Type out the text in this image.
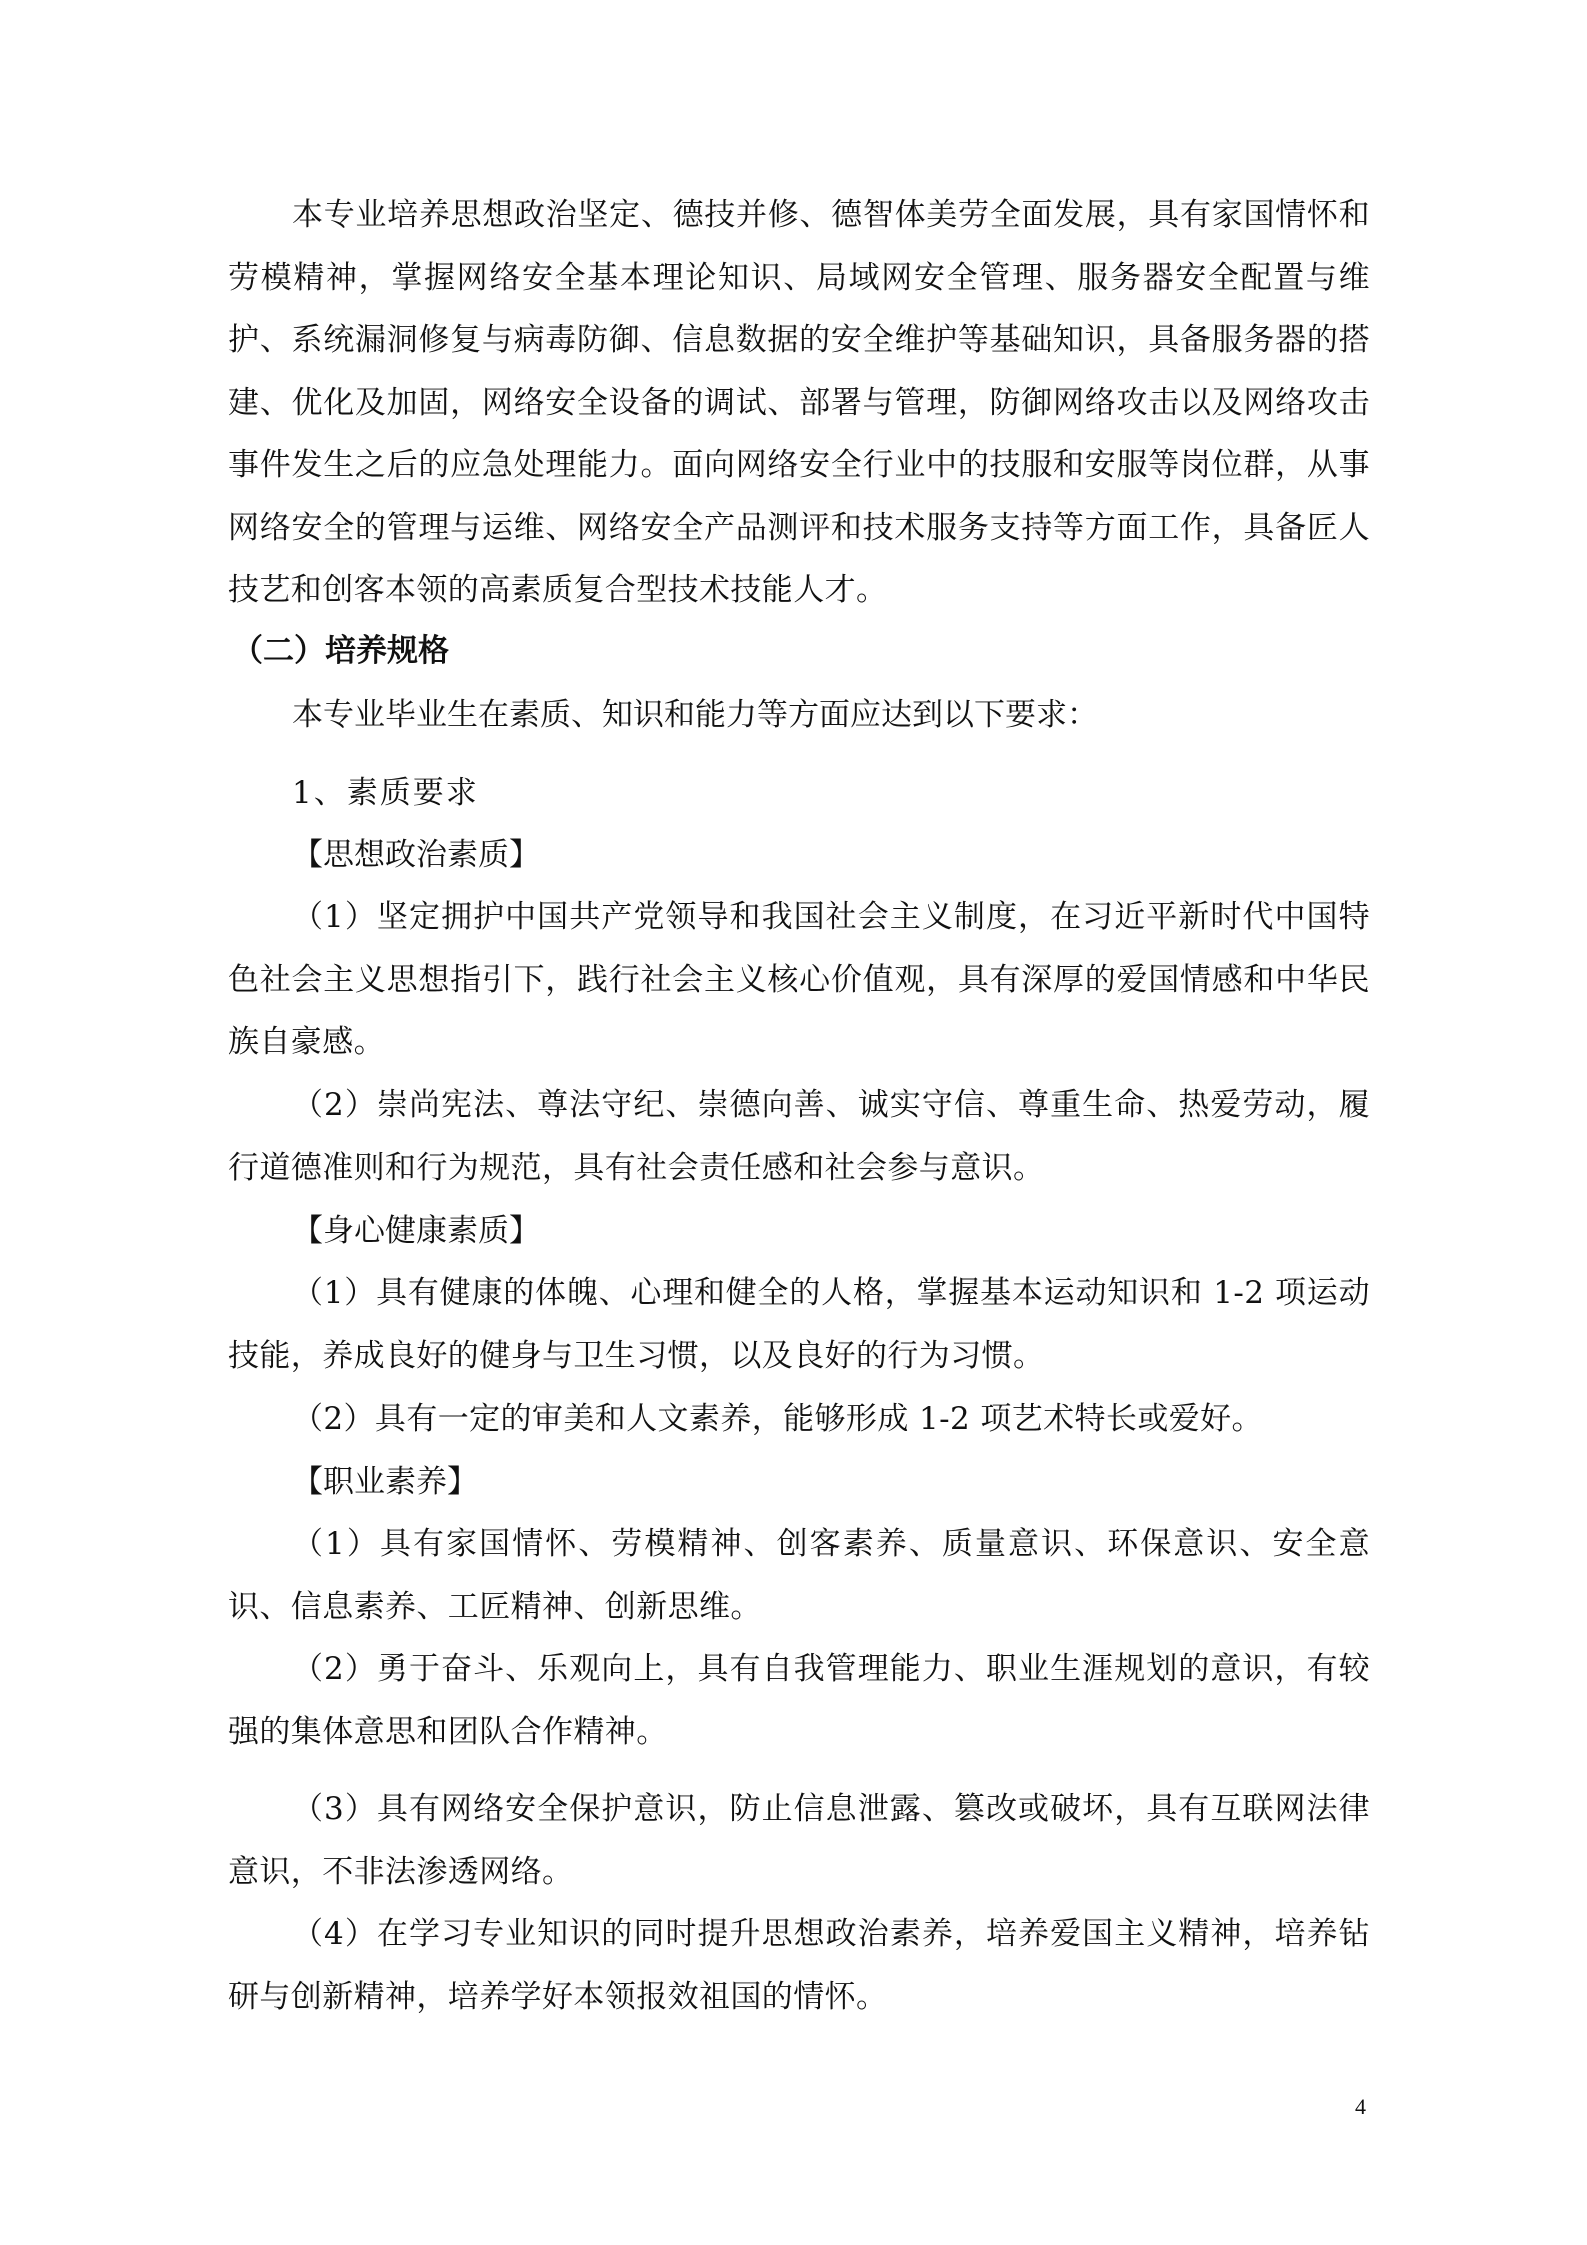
本专业培养思想政治坚定、德技并修、德智体美劳全面发展，具有家国情怀和劳模精神，掌握网络安全基本理论知识、局域网安全管理、服务器安全配置与维护、系统漏洞修复与病毒防御、信息数据的安全维护等基础知识，具备服务器的搭建、优化及加固，网络安全设备的调试、部署与管理，防御网络攻击以及网络攻击事件发生之后的应急处理能力。面向网络安全行业中的技服和安服等岗位群，从事网络安全的管理与运维、网络安全产品测评和技术服务支持等方面工作，具备匠人技艺和创客本领的高素质复合型技术技能人才。

（二）培养规格

本专业毕业生在素质、知识和能力等方面应达到以下要求：

1、素质要求

【思想政治素质】

（1）坚定拥护中国共产党领导和我国社会主义制度，在习近平新时代中国特色社会主义思想指引下，践行社会主义核心价值观，具有深厚的爱国情感和中华民族自豪感。

（2）崇尚宪法、尊法守纪、崇德向善、诚实守信、尊重生命、热爱劳动，履行道德准则和行为规范，具有社会责任感和社会参与意识。

【身心健康素质】

（1）具有健康的体魄、心理和健全的人格，掌握基本运动知识和 1-2 项运动技能，养成良好的健身与卫生习惯，以及良好的行为习惯。

（2）具有一定的审美和人文素养，能够形成 1-2 项艺术特长或爱好。

【职业素养】

（1）具有家国情怀、劳模精神、创客素养、质量意识、环保意识、安全意识、信息素养、工匠精神、创新思维。

（2）勇于奋斗、乐观向上，具有自我管理能力、职业生涯规划的意识，有较强的集体意思和团队合作精神。

（3）具有网络安全保护意识，防止信息泄露、篡改或破坏，具有互联网法律意识，不非法渗透网络。

（4）在学习专业知识的同时提升思想政治素养，培养爱国主义精神，培养钻研与创新精神，培养学好本领报效祖国的情怀。

4
